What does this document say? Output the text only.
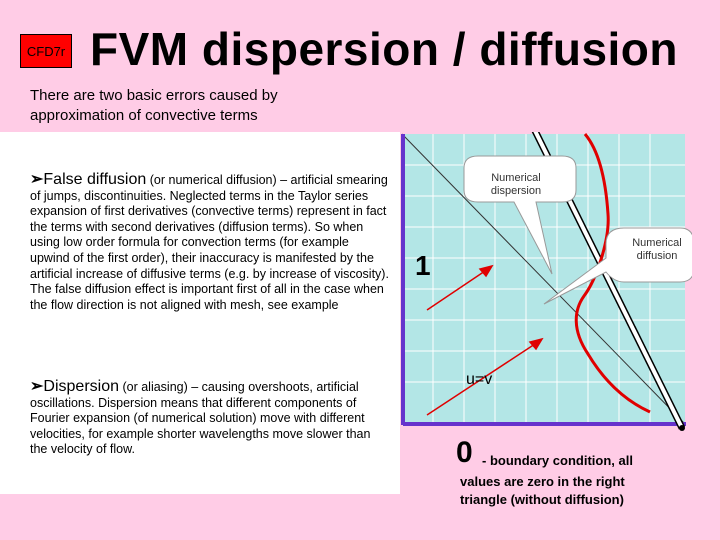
CFD7r FVM dispersion / diffusion
There are two basic errors caused by approximation of convective terms
➢False diffusion (or numerical diffusion) – artificial smearing of jumps, discontinuities. Neglected terms in the Taylor series expansion of first derivatives (convective terms) represent in fact the terms with second derivatives (diffusion terms). So when using low order formula for convection terms (for example upwind of the first order), their inaccuracy is manifested by the artificial increase of diffusive terms (e.g. by increase of viscosity). The false diffusion effect is important first of all in the case when the flow direction is not aligned with mesh, see example
➢Dispersion (or aliasing) – causing overshoots, artificial oscillations. Dispersion means that different components of Fourier expansion (of numerical solution) move with different velocities, for example shorter wavelengths move slower than the velocity of flow.
Numerical dispersion
Numerical diffusion
1
u=v
0 - boundary condition, all
values are zero in the right triangle (without diffusion)
